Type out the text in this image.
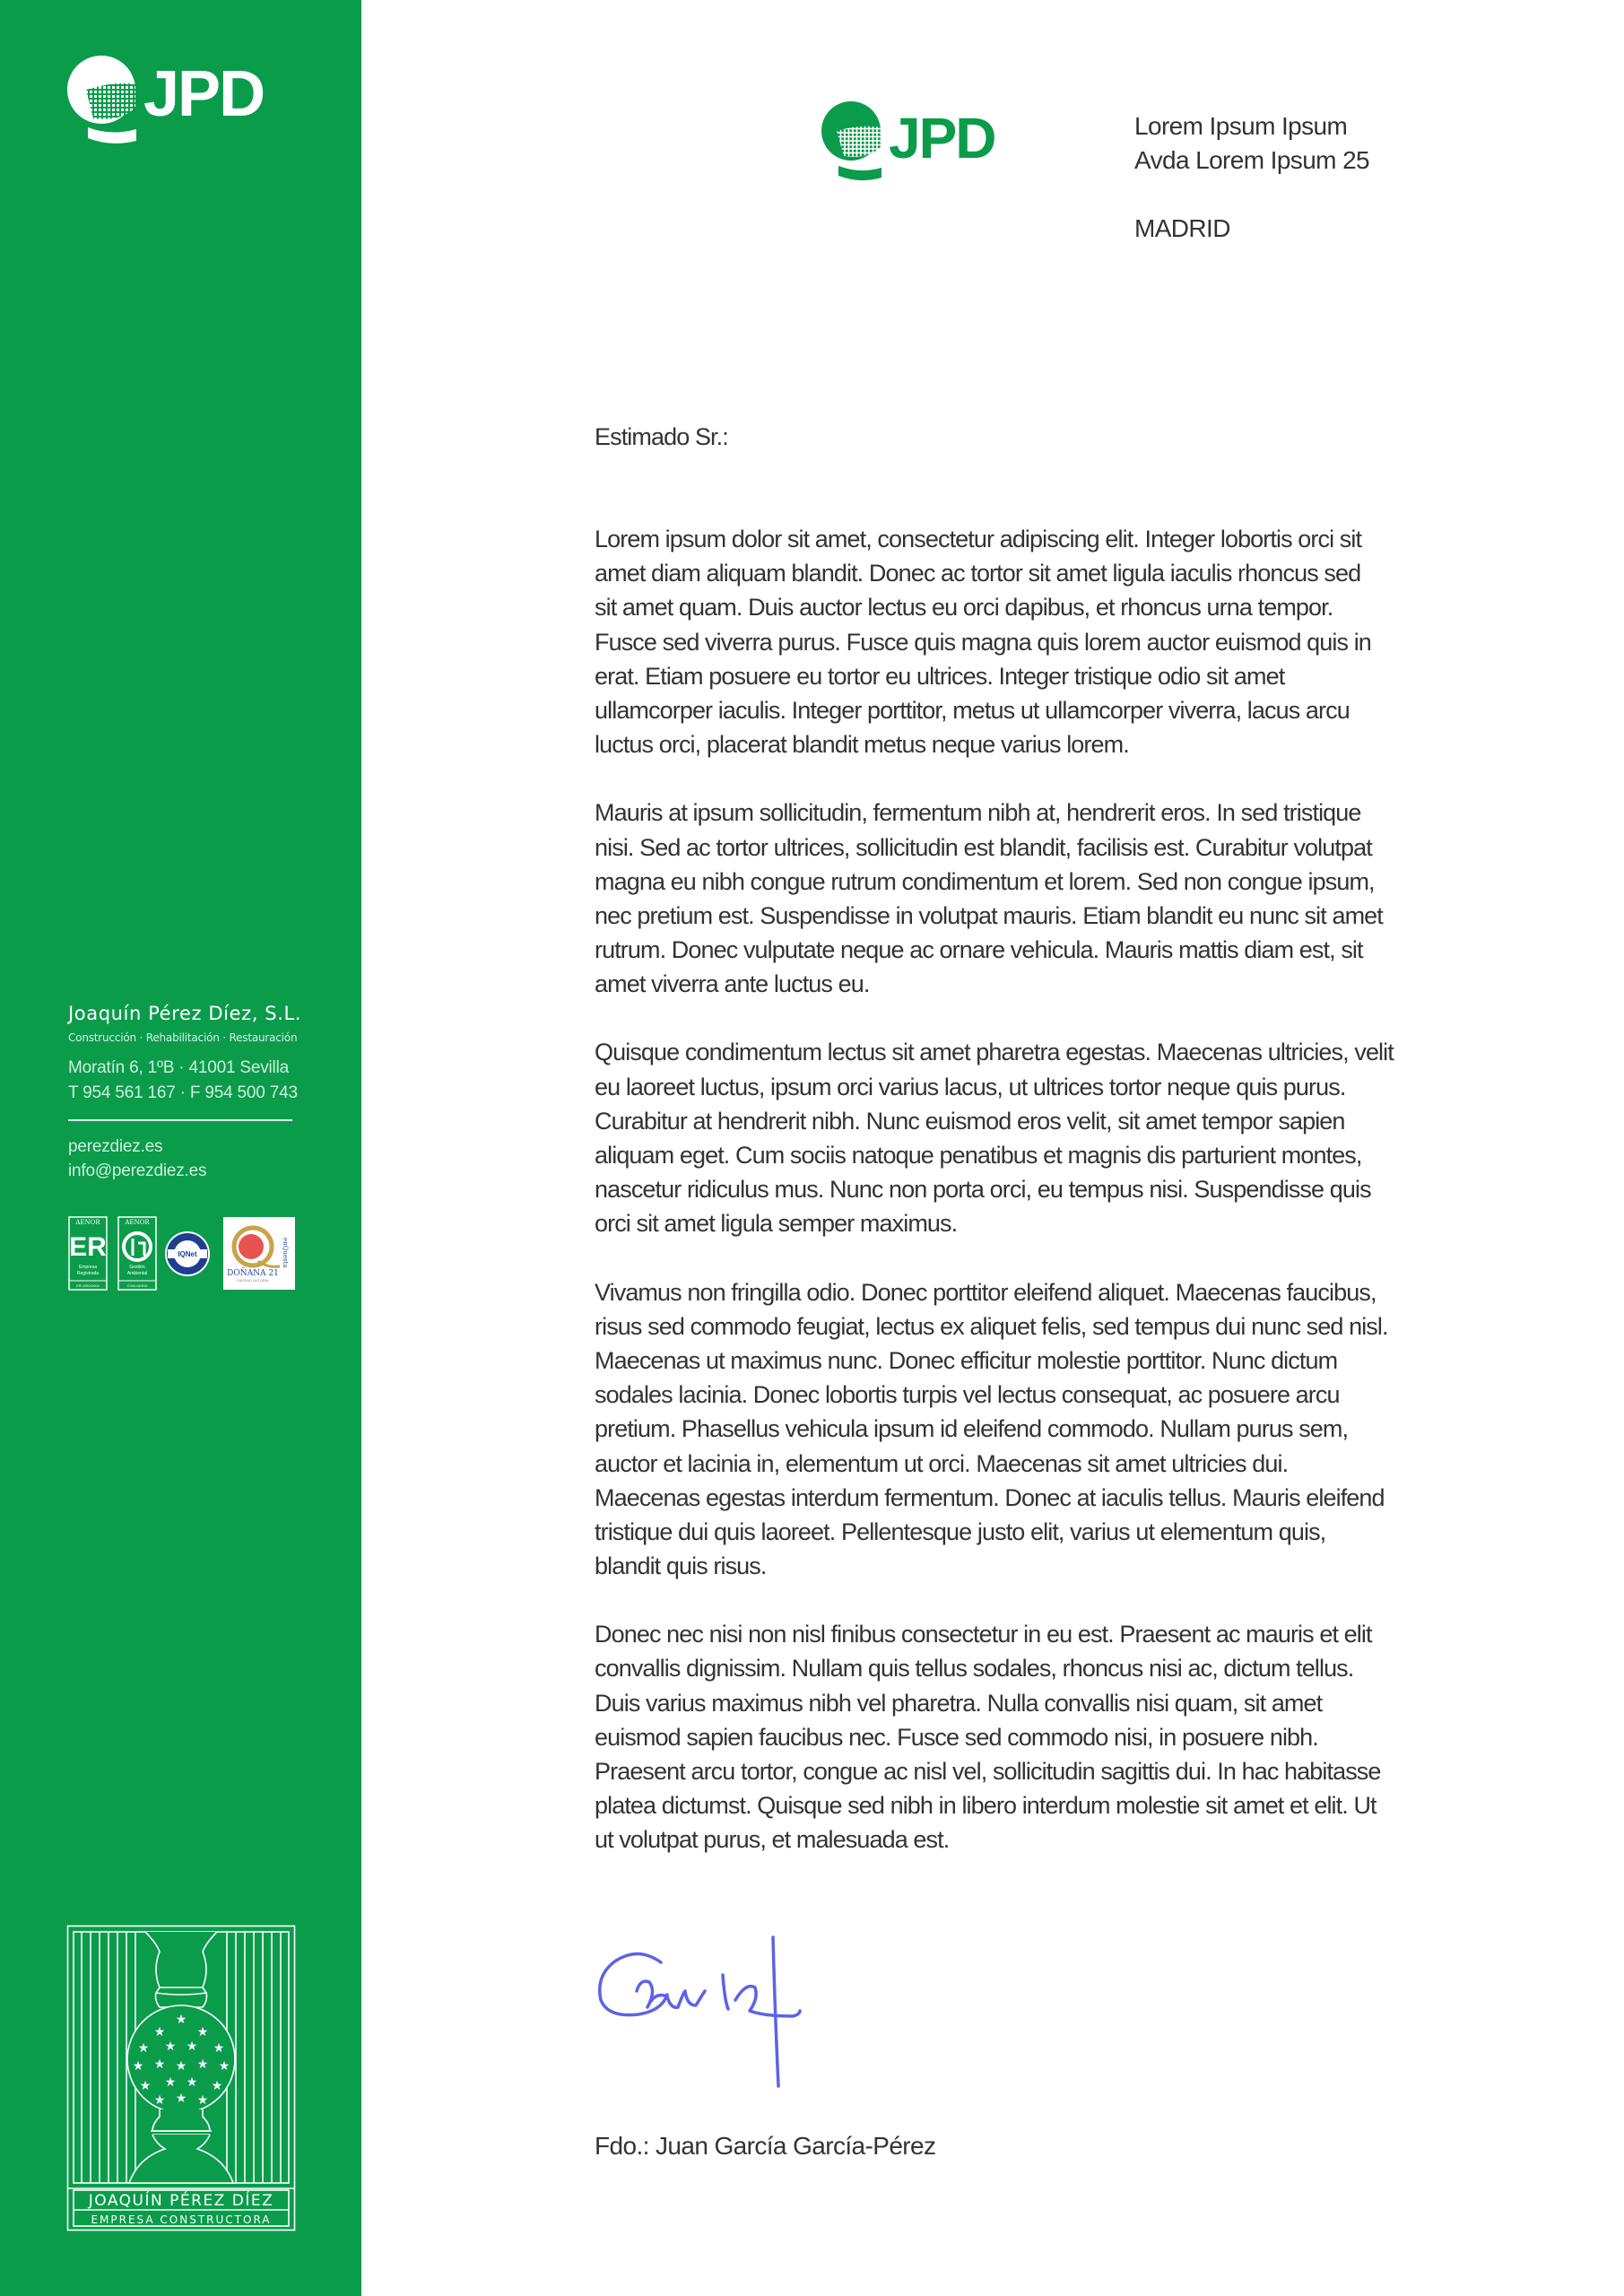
JPD
Joaquín Pérez Díez, S.L.
Construcción · Rehabilitación · Restauración
Moratín 6, 1ºB · 41001 Sevilla
T 954 561 167 · F 954 500 743
perezdiez.es
info@perezdiez.es
AENOR
ER
Empresa
Registrada
ER-1552/2004
AENOR
Gestión
Ambiental
CGM-04/515
IQNet
DOÑANA 21
CALIDAD NATURAL
enQuesta
★
★	★
★ ★ ★ ★
★ ★ ★ ★ ★
★ ★ ★ ★
★ ★ ★
JOAQUÍN PÉREZ DÍEZ
EMPRESA CONSTRUCTORA
JPD	Lorem Ipsum Ipsum
Avda Lorem Ipsum 25
MADRID
Estimado Sr.:
Lorem ipsum dolor sit amet, consectetur adipiscing elit. Integer lobortis orci sit
amet diam aliquam blandit. Donec ac tortor sit amet ligula iaculis rhoncus sed
sit amet quam. Duis auctor lectus eu orci dapibus, et rhoncus urna tempor.
Fusce sed viverra purus. Fusce quis magna quis lorem auctor euismod quis in
erat. Etiam posuere eu tortor eu ultrices. Integer tristique odio sit amet
ullamcorper iaculis. Integer porttitor, metus ut ullamcorper viverra, lacus arcu
luctus orci, placerat blandit metus neque varius lorem.
Mauris at ipsum sollicitudin, fermentum nibh at, hendrerit eros. In sed tristique
nisi. Sed ac tortor ultrices, sollicitudin est blandit, facilisis est. Curabitur volutpat
magna eu nibh congue rutrum condimentum et lorem. Sed non congue ipsum,
nec pretium est. Suspendisse in volutpat mauris. Etiam blandit eu nunc sit amet
rutrum. Donec vulputate neque ac ornare vehicula. Mauris mattis diam est, sit
amet viverra ante luctus eu.
Quisque condimentum lectus sit amet pharetra egestas. Maecenas ultricies, velit
eu laoreet luctus, ipsum orci varius lacus, ut ultrices tortor neque quis purus.
Curabitur at hendrerit nibh. Nunc euismod eros velit, sit amet tempor sapien
aliquam eget. Cum sociis natoque penatibus et magnis dis parturient montes,
nascetur ridiculus mus. Nunc non porta orci, eu tempus nisi. Suspendisse quis
orci sit amet ligula semper maximus.
Vivamus non fringilla odio. Donec porttitor eleifend aliquet. Maecenas faucibus,
risus sed commodo feugiat, lectus ex aliquet felis, sed tempus dui nunc sed nisl.
Maecenas ut maximus nunc. Donec efficitur molestie porttitor. Nunc dictum
sodales lacinia. Donec lobortis turpis vel lectus consequat, ac posuere arcu
pretium. Phasellus vehicula ipsum id eleifend commodo. Nullam purus sem,
auctor et lacinia in, elementum ut orci. Maecenas sit amet ultricies dui.
Maecenas egestas interdum fermentum. Donec at iaculis tellus. Mauris eleifend
tristique dui quis laoreet. Pellentesque justo elit, varius ut elementum quis,
blandit quis risus.
Donec nec nisi non nisl finibus consectetur in eu est. Praesent ac mauris et elit
convallis dignissim. Nullam quis tellus sodales, rhoncus nisi ac, dictum tellus.
Duis varius maximus nibh vel pharetra. Nulla convallis nisi quam, sit amet
euismod sapien faucibus nec. Fusce sed commodo nisi, in posuere nibh.
Praesent arcu tortor, congue ac nisl vel, sollicitudin sagittis dui. In hac habitasse
platea dictumst. Quisque sed nibh in libero interdum molestie sit amet et elit. Ut
ut volutpat purus, et malesuada est.
Fdo.: Juan García García-Pérez
